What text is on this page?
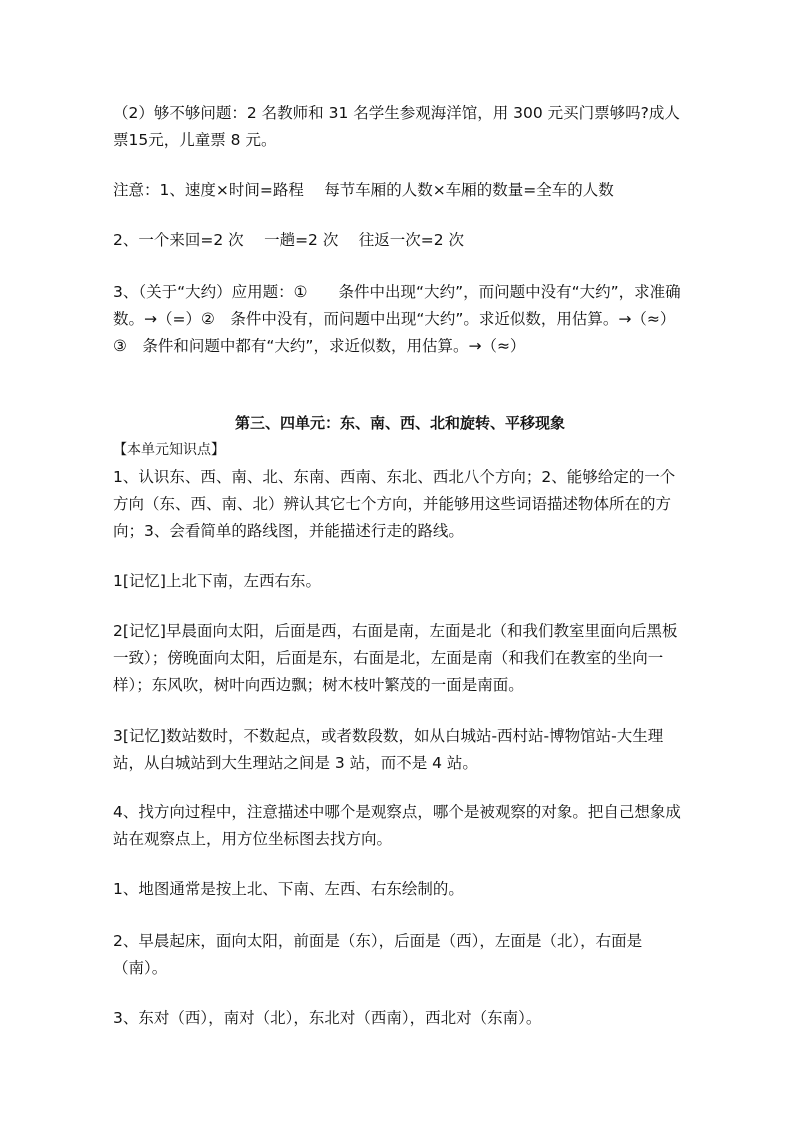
（2）够不够问题：2 名教师和 31 名学生参观海洋馆，用 300 元买门票够吗?成人票15元，儿童票 8 元。

注意：1、速度×时间=路程　 每节车厢的人数×车厢的数量=全车的人数

2、一个来回=2 次　 一趟=2 次　 往返一次=2 次

3、（关于“大约）应用题：①　　条件中出现“大约”，而问题中没有“大约”，求准确数。→（=）②　条件中没有，而问题中出现“大约”。求近似数，用估算。→（≈）③　条件和问题中都有“大约”，求近似数，用估算。→（≈）

第三、四单元：东、南、西、北和旋转、平移现象

【本单元知识点】

1、认识东、西、南、北、东南、西南、东北、西北八个方向；2、能够给定的一个方向（东、西、南、北）辨认其它七个方向，并能够用这些词语描述物体所在的方向；3、会看简单的路线图，并能描述行走的路线。

1[记忆]上北下南，左西右东。

2[记忆]早晨面向太阳，后面是西，右面是南，左面是北（和我们教室里面向后黑板一致）；傍晚面向太阳，后面是东，右面是北，左面是南（和我们在教室的坐向一样）；东风吹，树叶向西边飘；树木枝叶繁茂的一面是南面。

3[记忆]数站数时，不数起点，或者数段数，如从白城站-西村站-博物馆站-大生理站，从白城站到大生理站之间是 3 站，而不是 4 站。

4、找方向过程中，注意描述中哪个是观察点，哪个是被观察的对象。把自己想象成站在观察点上，用方位坐标图去找方向。

1、地图通常是按上北、下南、左西、右东绘制的。

2、早晨起床，面向太阳，前面是（东），后面是（西），左面是（北），右面是（南）。

3、东对（西），南对（北），东北对（西南），西北对（东南）。
